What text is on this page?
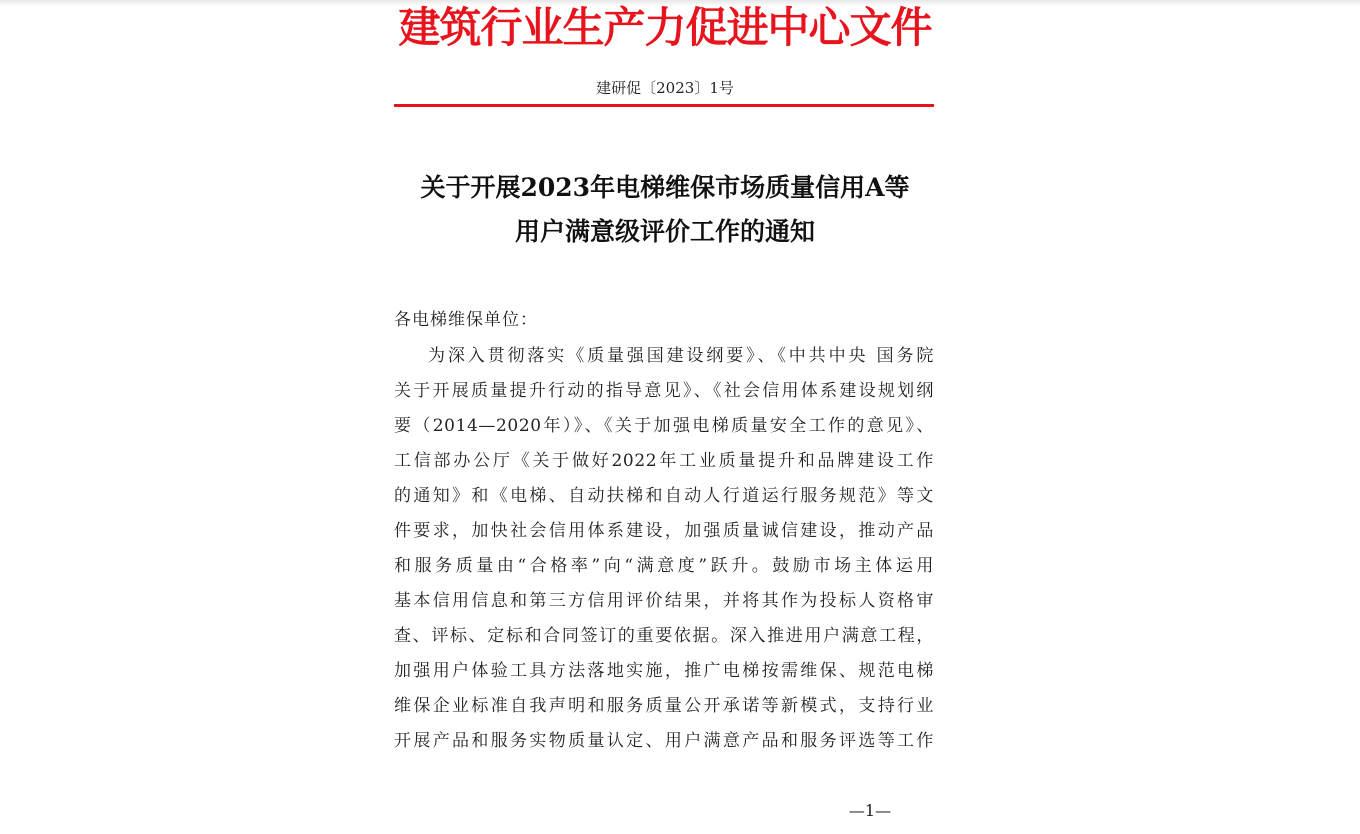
建筑行业生产力促进中心文件
建研促〔2023〕1号
关于开展2023年电梯维保市场质量信用A等
用户满意级评价工作的通知
各电梯维保单位：
为深入贯彻落实《质量强国建设纲要》、《中共中央 国务院
关于开展质量提升行动的指导意见》、《社会信用体系建设规划纲
要（2014—2020年）》、《关于加强电梯质量安全工作的意见》、
工信部办公厅《关于做好2022年工业质量提升和品牌建设工作
的通知》和《电梯、自动扶梯和自动人行道运行服务规范》等文
件要求，加快社会信用体系建设，加强质量诚信建设，推动产品
和服务质量由“合格率”向“满意度”跃升。鼓励市场主体运用
基本信用信息和第三方信用评价结果，并将其作为投标人资格审
查、评标、定标和合同签订的重要依据。深入推进用户满意工程，
加强用户体验工具方法落地实施，推广电梯按需维保、规范电梯
维保企业标准自我声明和服务质量公开承诺等新模式，支持行业
开展产品和服务实物质量认定、用户满意产品和服务评选等工作
—1—
